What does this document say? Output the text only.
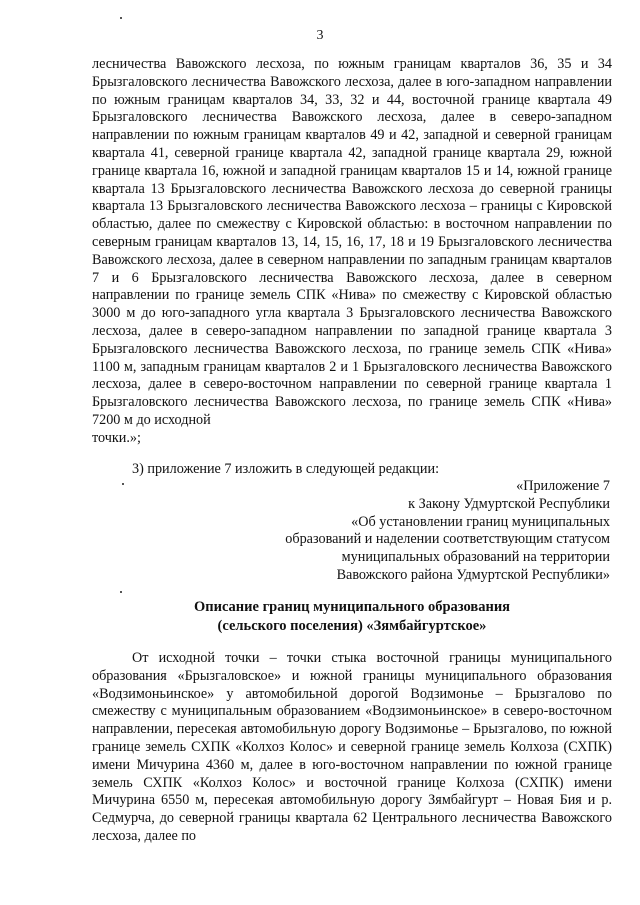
3
лесничества Вавожского лесхоза, по южным границам кварталов 36, 35 и 34 Брызгаловского лесничества Вавожского лесхоза, далее в юго-западном направлении по южным границам кварталов 34, 33, 32 и 44, восточной границе квартала 49 Брызгаловского лесничества Вавожского лесхоза, далее в северо-западном направлении по южным границам кварталов 49 и 42, западной и северной границам квартала 41, северной границе квартала 42, западной границе квартала 29, южной границе квартала 16, южной и западной границам кварталов 15 и 14, южной границе квартала 13 Брызгаловского лесничества Вавожского лесхоза до северной границы квартала 13 Брызгаловского лесничества Вавожского лесхоза – границы с Кировской областью, далее по смежеству с Кировской областью: в восточном направлении по северным границам кварталов 13, 14, 15, 16, 17, 18 и 19 Брызгаловского лесничества Вавожского лесхоза, далее в северном направлении по западным границам кварталов 7 и 6 Брызгаловского лесничества Вавожского лесхоза, далее в северном направлении по границе земель СПК «Нива» по смежеству с Кировской областью 3000 м до юго-западного угла квартала 3 Брызгаловского лесничества Вавожского лесхоза, далее в северо-западном направлении по западной границе квартала 3 Брызгаловского лесничества Вавожского лесхоза, по границе земель СПК «Нива» 1100 м, западным границам кварталов 2 и 1 Брызгаловского лесничества Вавожского лесхоза, далее в северо-восточном направлении по северной границе квартала 1 Брызгаловского лесничества Вавожского лесхоза, по границе земель СПК «Нива» 7200 м до исходной
точки.»;
3) приложение 7 изложить в следующей редакции:
«Приложение 7
к Закону Удмуртской Республики
«Об установлении границ муниципальных
образований и наделении соответствующим статусом
муниципальных образований на территории
Вавожского района Удмуртской Республики»
Описание границ муниципального образования
(сельского поселения) «Зямбайгуртское»
От исходной точки – точки стыка восточной границы муниципального образования «Брызгаловское» и южной границы муниципального образования «Водзимоньинское» у автомобильной дорогой Водзимонье – Брызгалово по смежеству с муниципальным образованием «Водзимоньинское» в северо-восточном направлении, пересекая автомобильную дорогу Водзимонье – Брызгалово, по южной границе земель СХПК «Колхоз Колос» и северной границе земель Колхоза (СХПК) имени Мичурина 4360 м, далее в юго-восточном направлении по южной границе земель СХПК «Колхоз Колос» и восточной границе Колхоза (СХПК) имени Мичурина 6550 м, пересекая автомобильную дорогу Зямбайгурт – Новая Бия и р. Седмурча, до северной границы квартала 62 Центрального лесничества Вавожского лесхоза, далее по
